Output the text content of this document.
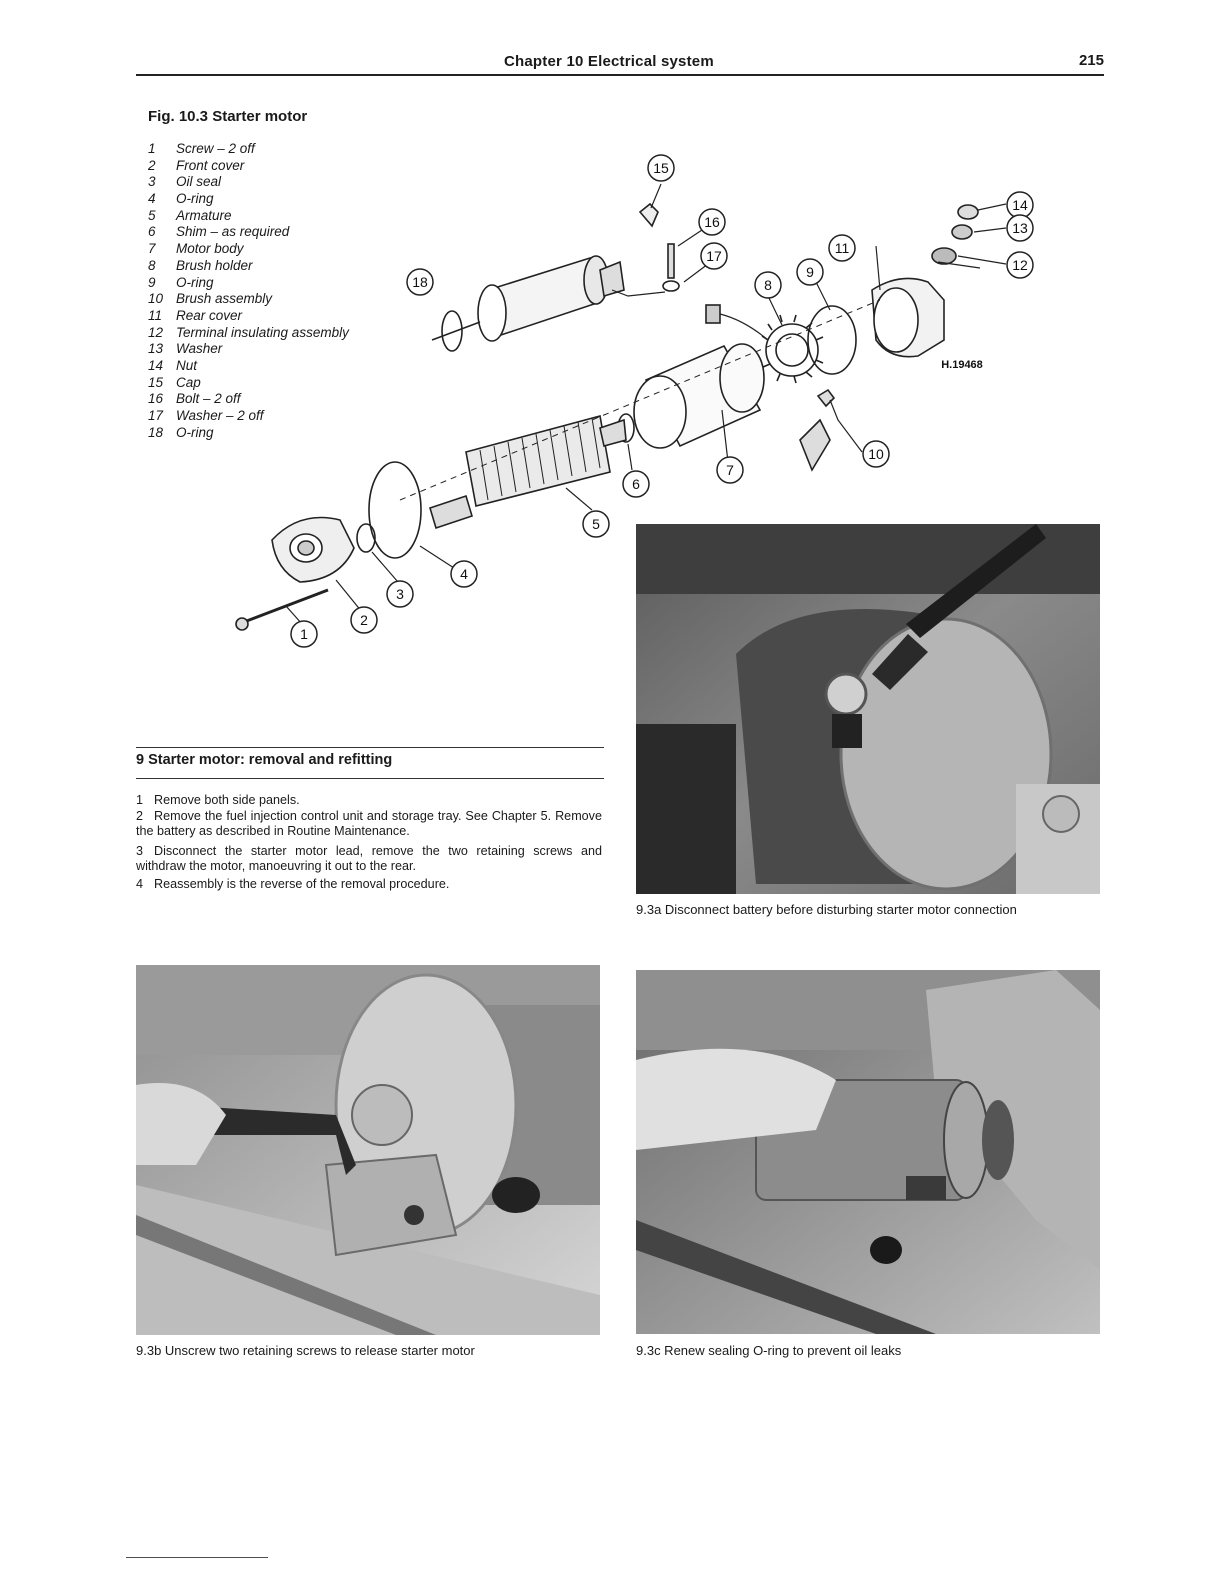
Chapter 10 Electrical system	215
Fig. 10.3 Starter motor
1 Screw – 2 off
2 Front cover
3 Oil seal
4 O-ring
5 Armature
6 Shim – as required
7 Motor body
8 Brush holder
9 O-ring
10 Brush assembly
11 Rear cover
12 Terminal insulating assembly
13 Washer
14 Nut
15 Cap
16 Bolt – 2 off
17 Washer – 2 off
18 O-ring
15
16
17
18
14
13
12
11
9
8
10
7
6
5
4
3
2
1
H.19468
9.3a Disconnect battery before disturbing starter motor connection
9 Starter motor: removal and refitting
1 Remove both side panels.
2 Remove the fuel injection control unit and storage tray. See Chapter 5. Remove the battery as described in Routine Maintenance.
3 Disconnect the starter motor lead, remove the two retaining screws and withdraw the motor, manoeuvring it out to the rear.
4 Reassembly is the reverse of the removal procedure.
9.3b Unscrew two retaining screws to release starter motor	9.3c Renew sealing O-ring to prevent oil leaks
